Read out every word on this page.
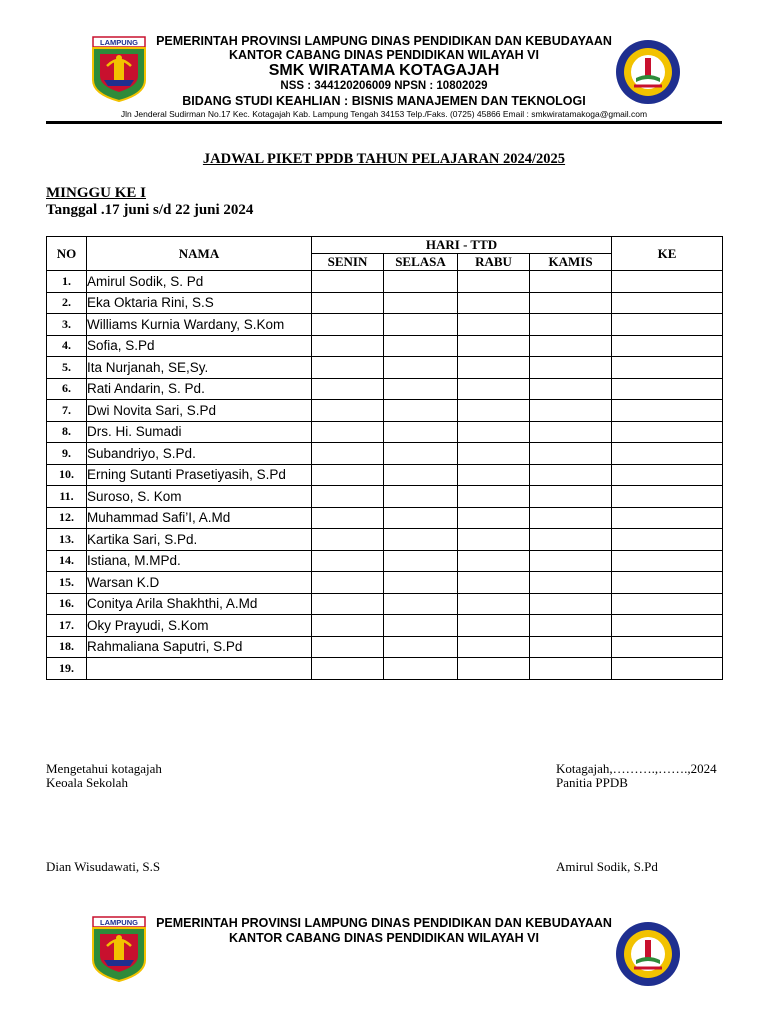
LAMPUNG	PEMERINTAH PROVINSI LAMPUNG DINAS PENDIDIKAN DAN KEBUDAYAAN
KANTOR CABANG DINAS PENDIDIKAN WILAYAH VI
SMK WIRATAMA KOTAGAJAH
NSS : 344120206009 NPSN : 10802029
BIDANG STUDI KEAHLIAN : BISNIS MANAJEMEN DAN TEKNOLOGI
Jln Jenderal Sudirman No.17 Kec. Kotagajah Kab. Lampung Tengah 34153 Telp./Faks. (0725) 45866 Email : smkwiratamakoga@gmail.com
JADWAL PIKET PPDB TAHUN PELAJARAN 2024/2025
MINGGU KE I
Tanggal .17 juni s/d 22 juni 2024
NO	NAMA	HARI - TTD				KE
		SENIN	SELASA	RABU	KAMIS	
1.	Amirul Sodik, S. Pd					
2.	Eka Oktaria Rini, S.S					
3.	Williams Kurnia Wardany, S.Kom					
4.	Sofia, S.Pd					
5.	Ita Nurjanah, SE,Sy.					
6.	Rati Andarin, S. Pd.					
7.	Dwi Novita Sari, S.Pd					
8.	Drs. Hi. Sumadi					
9.	Subandriyo, S.Pd.					
10.	Erning Sutanti Prasetiyasih, S.Pd					
11.	Suroso, S. Kom					
12.	Muhammad Safi’I, A.Md					
13.	Kartika Sari, S.Pd.					
14.	Istiana, M.MPd.					
15.	Warsan K.D					
16.	Conitya Arila Shakhthi, A.Md					
17.	Oky Prayudi, S.Kom					
18.	Rahmaliana Saputri, S.Pd					
19.						
Mengetahui kotagajah
Keoala Sekolah
Dian Wisudawati, S.S
Kotagajah,……….,…….,2024
Panitia PPDB
Amirul Sodik, S.Pd
LAMPUNG	PEMERINTAH PROVINSI LAMPUNG DINAS PENDIDIKAN DAN KEBUDAYAAN
KANTOR CABANG DINAS PENDIDIKAN WILAYAH VI
